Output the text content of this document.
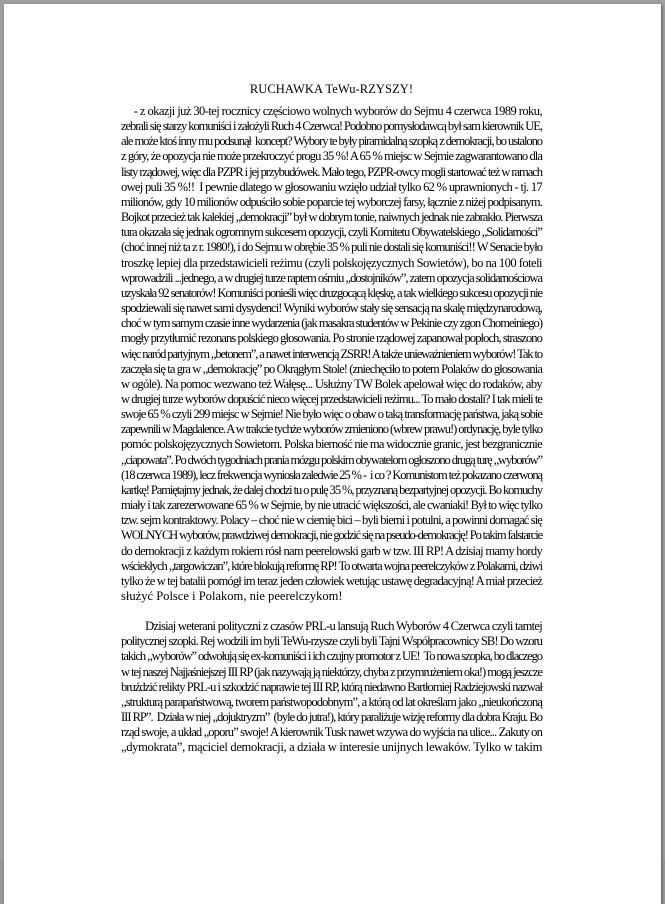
RUCHAWKA TeWu-RZYSZY!
- z okazji już 30-tej rocznicy częściowo wolnych wyborów do Sejmu 4 czerwca 1989 roku,
zebrali się starzy komuniści i założyli Ruch 4 Czerwca! Podobno pomysłodawcą był sam kierownik UE,
ale może ktoś inny mu podsunął  koncept? Wybory te były piramidalną szopką z demokracji, bo ustalono
z góry, że opozycja nie może przekroczyć progu 35 %! A 65 % miejsc w Sejmie zagwarantowano dla
listy rządowej, więc dla PZPR i jej przybudówek. Mało tego, PZPR-owcy mogli startować też w ramach
owej puli 35 %!!  I pewnie dlatego w głosowaniu wzięło udział tylko 62 % uprawnionych - tj. 17
milionów, gdy 10 milionów odpuściło sobie poparcie tej wyborczej farsy, łącznie z niżej podpisanym.
Bojkot przecież tak kalekiej „demokracji” był w dobrym tonie, naiwnych jednak nie zabrakło. Pierwsza
tura okazała się jednak ogromnym sukcesem opozycji, czyli Komitetu Obywatelskiego „Solidarności”
(choć innej niż ta z r. 1980!), i do Sejmu w obrębie 35 % puli nie dostali się komuniści!! W Senacie było
troszkę lepiej dla przedstawicieli reżimu (czyli polskojęzycznych Sowietów), bo na 100 foteli
wprowadzili ...jednego, a w drugiej turze raptem ośmiu „dostojników”, zatem opozycja solidarnościowa
uzyskała 92 senatorów! Komuniści ponieśli więc druzgocącą klęskę, a tak wielkiego sukcesu opozycji nie
spodziewali się nawet sami dysydenci! Wyniki wyborów stały się sensacją na skalę międzynarodową,
choć w tym samym czasie inne wydarzenia (jak masakra studentów w Pekinie czy zgon Chomeiniego)
mogły przytłumić rezonans polskiego głosowania. Po stronie rządowej zapanował popłoch, straszono
więc naród partyjnym „betonem”, a nawet interwencją ZSRR! A także unieważnieniem wyborów! Tak to
zaczęła się ta gra w „demokrację” po Okrągłym Stole! (zniechęciło to potem Polaków do głosowania
w ogóle). Na pomoc wezwano też Wałęsę... Usłużny TW Bolek apelował więc do rodaków, aby
w drugiej turze wyborów dopuścić nieco więcej przedstawicieli reżimu... To mało dostali? I tak mieli te
swoje 65 % czyli 299 miejsc w Sejmie! Nie było więc o obaw o taką transformację państwa, jaką sobie
zapewnili w Magdalence. A w trakcie tychże wyborów zmieniono (wbrew prawu!) ordynację, byle tylko
pomóc polskojęzycznych Sowietom. Polska bierność nie ma widocznie granic, jest bezgranicznie
„ciapowata”. Po dwóch tygodniach prania mózgu polskim obywatelom ogłoszono drugą turę „wyborów”
(18 czerwca 1989), lecz frekwencja wyniosła zaledwie 25 % -  i co ? Komunistom też pokazano czerwoną
kartkę! Pamiętajmy jednak, że dalej chodzi tu o pulę 35 %, przyznaną bezpartyjnej opozycji. Bo komuchy
miały i tak zarezerwowane 65 % w Sejmie, by nie utracić większości, ale cwaniaki! Był to więc tylko
tzw. sejm kontraktowy. Polacy – choć nie w ciemię bici – byli bierni i potulni, a powinni domagać się
WOLNYCH wyborów, prawdziwej demokracji, nie godzić się na pseudo-demokrację! Po takim falstarcie
do demokracji z każdym rokiem rósł nam peerelowski garb w tzw. III RP! A dzisiaj mamy hordy
wściekłych „targowiczan”, które blokują reformę RP! To otwarta wojna peerelczyków z Polakami, dziwi
tylko że w tej batalii pomógł im teraz jeden człowiek wetując ustawę degradacyjną! A miał przecież
służyć Polsce i Polakom, nie peerelczykom!
Dzisiaj weterani polityczni z czasów PRL-u lansują Ruch Wyborów 4 Czerwca czyli tamtej
politycznej szopki. Rej wodzili im byli TeWu-rzysze czyli byli Tajni Współpracownicy SB! Do wzoru
takich „wyborów” odwołują się ex-komuniści i ich czujny promotor z UE!  To nowa szopka, bo dlaczego
w tej naszej Najjaśniejszej III RP (jak nazywają ją niektórzy, chyba z przymrużeniem oka!) mogą jeszcze
bruździć relikty PRL-u i szkodzić naprawie tej III RP, którą niedawno Bartłomiej Radziejowski nazwał
„strukturą parapaństwową, tworem państwopodobnym”, a którą od lat określam jako „nieukończoną
III RP”.  Działa w niej „dojuktryzm”  (byle do jutra!), który paraliżuje wizję reformy dla dobra Kraju. Bo
rząd swoje, a układ „oporu” swoje! A kierownik Tusk nawet wzywa do wyjścia na ulice... Zakuty on
„dymokrata”, mąciciel demokracji, a działa w interesie unijnych lewaków. Tylko w takim
